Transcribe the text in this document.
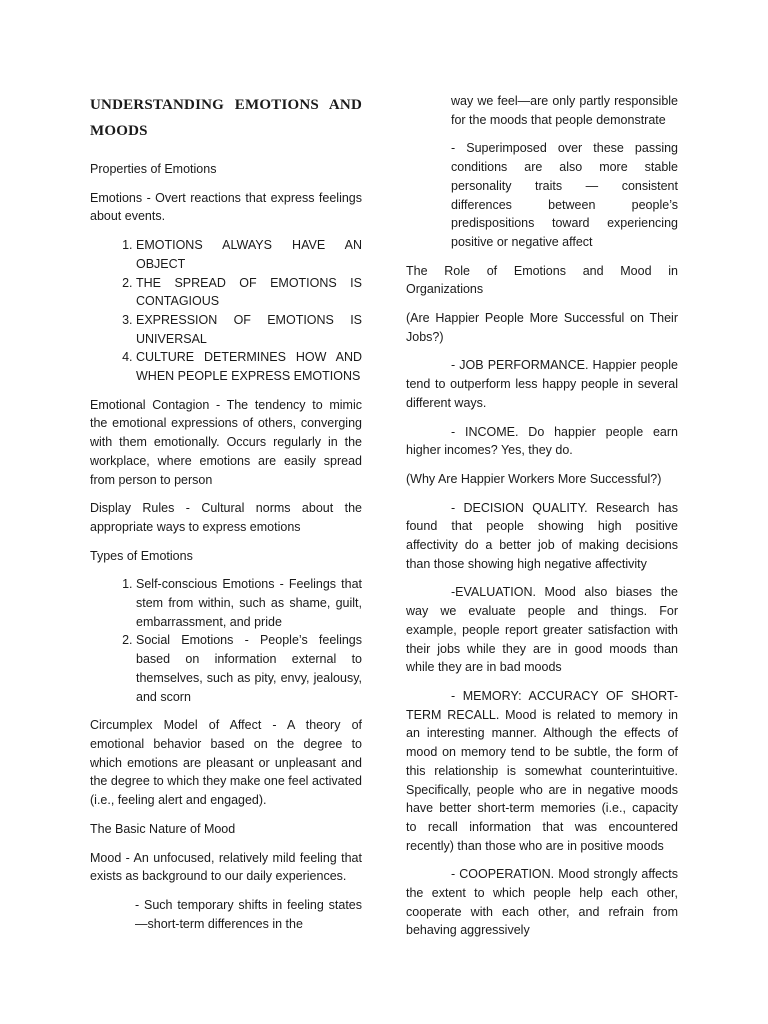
UNDERSTANDING EMOTIONS AND MOODS

Properties of Emotions

Emotions - Overt reactions that express feelings about events.

1. EMOTIONS ALWAYS HAVE AN OBJECT
2. THE SPREAD OF EMOTIONS IS CONTAGIOUS
3. EXPRESSION OF EMOTIONS IS UNIVERSAL
4. CULTURE DETERMINES HOW AND WHEN PEOPLE EXPRESS EMOTIONS

Emotional Contagion - The tendency to mimic the emotional expressions of others, converging with them emotionally. Occurs regularly in the workplace, where emotions are easily spread from person to person

Display Rules - Cultural norms about the appropriate ways to express emotions

Types of Emotions

1. Self-conscious Emotions - Feelings that stem from within, such as shame, guilt, embarrassment, and pride
2. Social Emotions - People’s feelings based on information external to themselves, such as pity, envy, jealousy, and scorn

Circumplex Model of Affect - A theory of emotional behavior based on the degree to which emotions are pleasant or unpleasant and the degree to which they make one feel activated (i.e., feeling alert and engaged).

The Basic Nature of Mood

Mood - An unfocused, relatively mild feeling that exists as background to our daily experiences.

- Such temporary shifts in feeling states—short-term differences in the

way we feel—are only partly responsible for the moods that people demonstrate

- Superimposed over these passing conditions are also more stable personality traits — consistent differences between people’s predispositions toward experiencing positive or negative affect

The Role of Emotions and Mood in Organizations

(Are Happier People More Successful on Their Jobs?)

- JOB PERFORMANCE. Happier people tend to outperform less happy people in several different ways.

- INCOME. Do happier people earn higher incomes? Yes, they do.

(Why Are Happier Workers More Successful?)

- DECISION QUALITY. Research has found that people showing high positive affectivity do a better job of making decisions than those showing high negative affectivity

-EVALUATION. Mood also biases the way we evaluate people and things. For example, people report greater satisfaction with their jobs while they are in good moods than while they are in bad moods

- MEMORY: ACCURACY OF SHORT-TERM RECALL. Mood is related to memory in an interesting manner. Although the effects of mood on memory tend to be subtle, the form of this relationship is somewhat counterintuitive. Specifically, people who are in negative moods have better short-term memories (i.e., capacity to recall information that was encountered recently) than those who are in positive moods

- COOPERATION. Mood strongly affects the extent to which people help each other, cooperate with each other, and refrain from behaving aggressively
